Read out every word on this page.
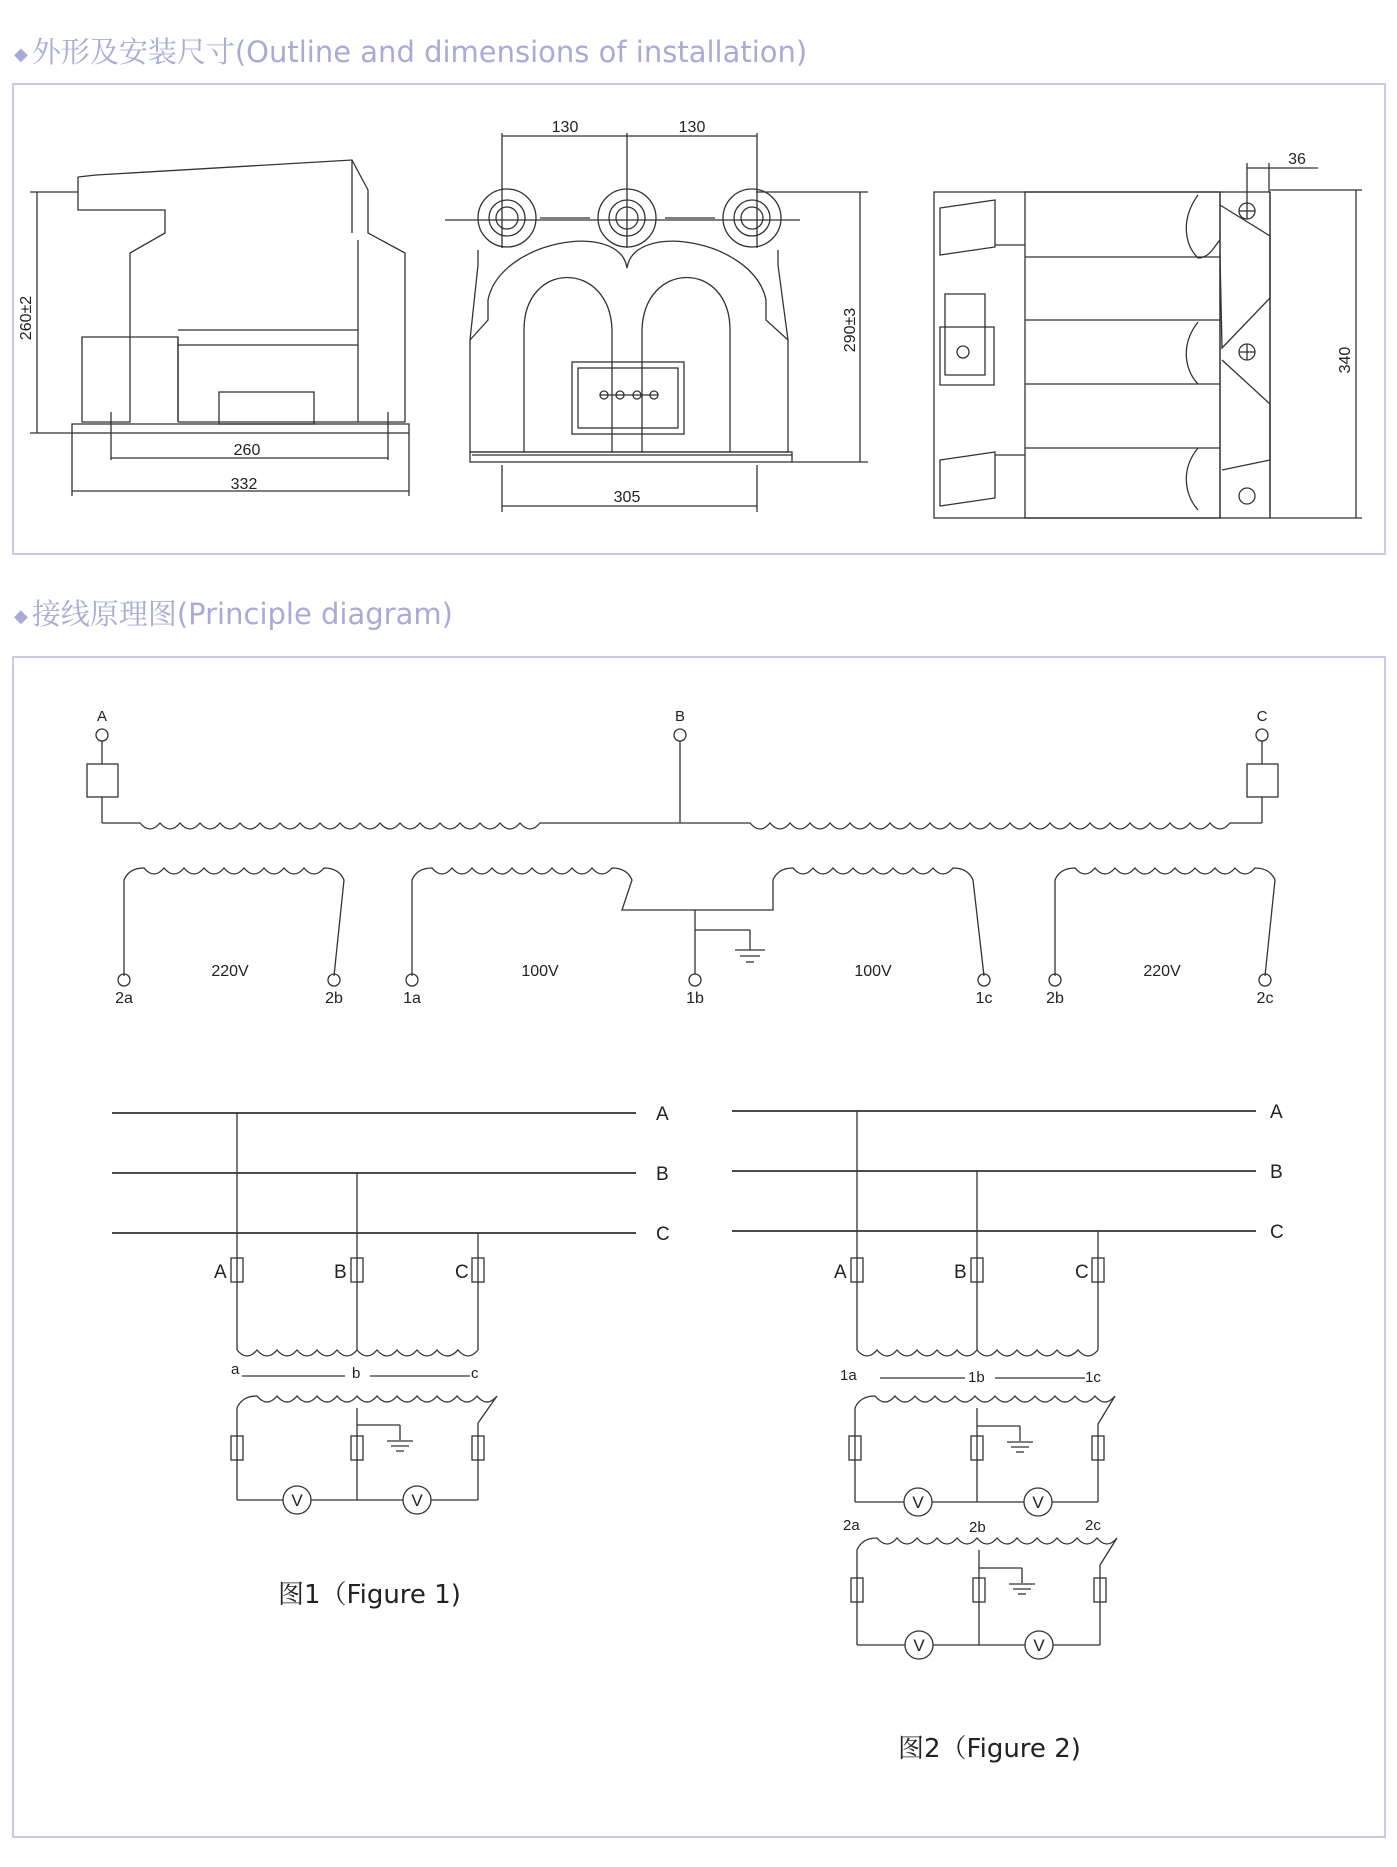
◆ 外形及安装尺寸(Outline and dimensions of installation)
◆ 接线原理图(Principle diagram)
260
332
260±2
130	130
305
290±3
36
340
A	B	C
220V	100V	100V	220V
2a	2b	1a	1b	1c	2b	2c
A
B
C
A	B	C
a	b	c
V	V
A
B
C
A	B	C
1a	1b	1c
2a	2b	2c
V	V
V	V
图1（Figure 1)
图2（Figure 2)
